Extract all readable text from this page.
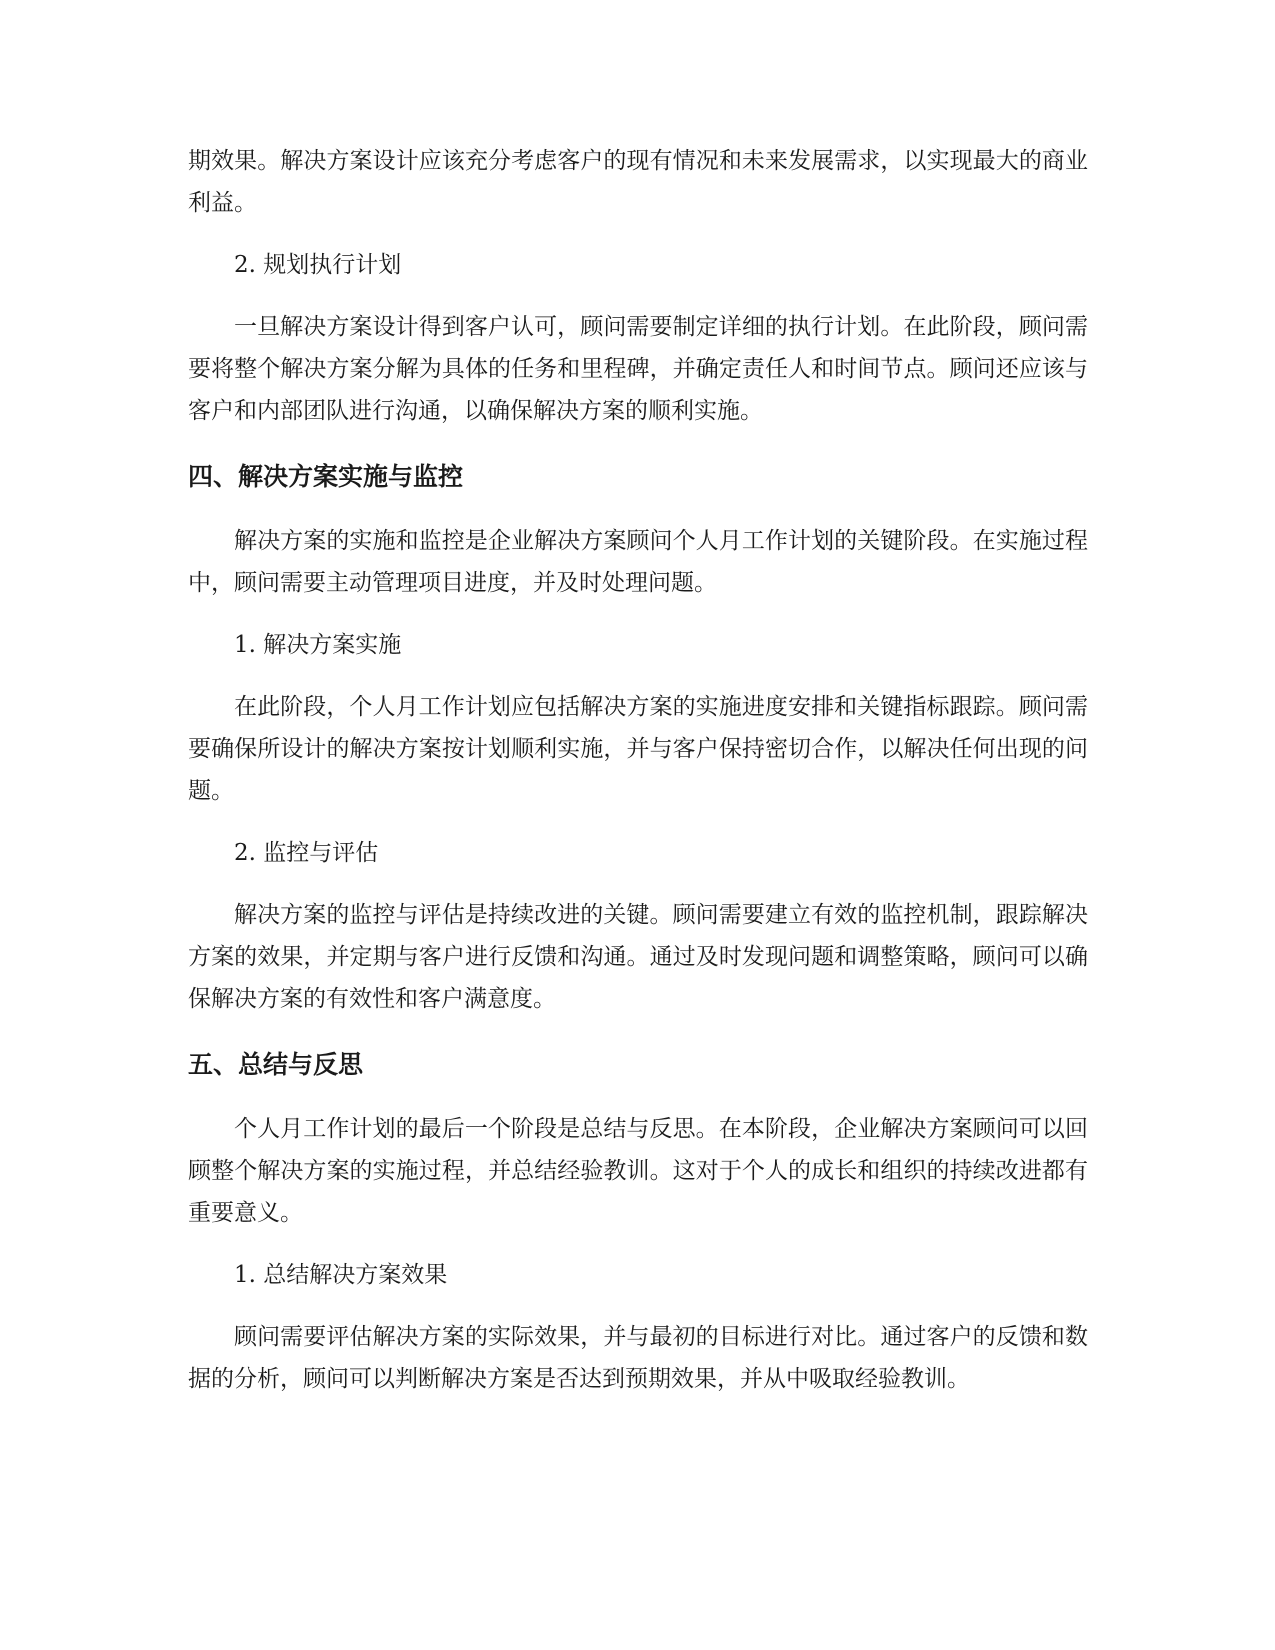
期效果。解决方案设计应该充分考虑客户的现有情况和未来发展需求，以实现最大的商业利益。

2. 规划执行计划

一旦解决方案设计得到客户认可，顾问需要制定详细的执行计划。在此阶段，顾问需要将整个解决方案分解为具体的任务和里程碑，并确定责任人和时间节点。顾问还应该与客户和内部团队进行沟通，以确保解决方案的顺利实施。

四、解决方案实施与监控

解决方案的实施和监控是企业解决方案顾问个人月工作计划的关键阶段。在实施过程中，顾问需要主动管理项目进度，并及时处理问题。

1. 解决方案实施

在此阶段，个人月工作计划应包括解决方案的实施进度安排和关键指标跟踪。顾问需要确保所设计的解决方案按计划顺利实施，并与客户保持密切合作，以解决任何出现的问题。

2. 监控与评估

解决方案的监控与评估是持续改进的关键。顾问需要建立有效的监控机制，跟踪解决方案的效果，并定期与客户进行反馈和沟通。通过及时发现问题和调整策略，顾问可以确保解决方案的有效性和客户满意度。

五、总结与反思

个人月工作计划的最后一个阶段是总结与反思。在本阶段，企业解决方案顾问可以回顾整个解决方案的实施过程，并总结经验教训。这对于个人的成长和组织的持续改进都有重要意义。

1. 总结解决方案效果

顾问需要评估解决方案的实际效果，并与最初的目标进行对比。通过客户的反馈和数据的分析，顾问可以判断解决方案是否达到预期效果，并从中吸取经验教训。
